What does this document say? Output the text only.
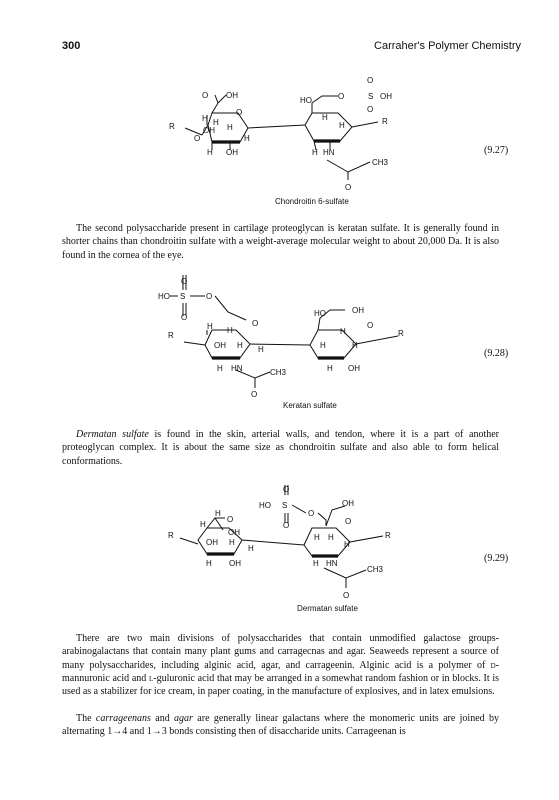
300	Carraher's Polymer Chemistry
O OH
HO	O	S OH
O
O
H H
O
R
R
OH H
H
O
H
H
H
OH	H HN
CH3
O
(9.27)
Chondroitin 6-sulfate

The second polysaccharide present in cartilage proteoglycan is keratan sulfate. It is generally found in shorter chains than chondroitin sulfate with a weight-average molecular weight to about 20,000 Da. It is also found in the cornea of the eye.

O
HO S
O
O
HO	OH
H H
O
H
O
R	R
OH H H	H	H
H HN	H OH
CH3
O
(9.28)
Keratan sulfate

Dermatan sulfate is found in the skin, arterial walls, and tendon, where it is a part of another proteoglycan complex. It is about the same size as chondroitin sulfate and also able to form helical conformations.

O
HO S
O
O
OH
H
O
OH
H	O
R	R
OH H
H
H H
H
H OH	H HN
CH3
O
(9.29)
Dermatan sulfate

There are two main divisions of polysaccharides that contain unmodified galactose groups-arabinogalactans that contain many plant gums and carragecnas and agar. Seaweeds represent a source of many polysaccharides, including alginic acid, agar, and carrageenin. Alginic acid is a polymer of d-mannuronic acid and l-guluronic acid that may be arranged in a somewhat random fashion or in blocks. It is used as a stabilizer for ice cream, in paper coating, in the manufacture of explosives, and in latex emulsions.

The carrageenans and agar are generally linear galactans where the monomeric units are joined by alternating 1→4 and 1→3 bonds consisting then of disaccharide units. Carrageenan is
